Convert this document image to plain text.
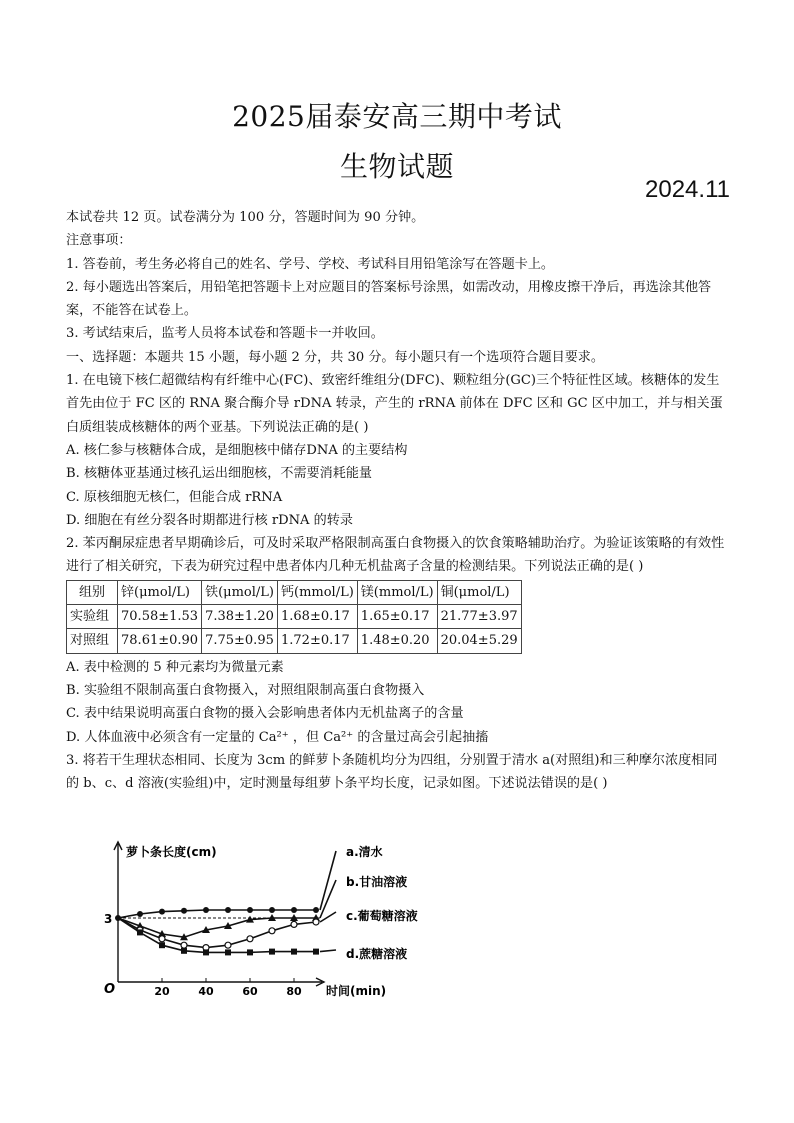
2025届泰安高三期中考试
生物试题
2024.11

本试卷共 12 页。试卷满分为 100 分，答题时间为 90 分钟。

注意事项：

1. 答卷前，考生务必将自己的姓名、学号、学校、考试科目用铅笔涂写在答题卡上。

2. 每小题选出答案后，用铅笔把答题卡上对应题目的答案标号涂黑，如需改动，用橡皮擦干净后，再选涂其他答案，不能答在试卷上。

3. 考试结束后，监考人员将本试卷和答题卡一并收回。

一、选择题：本题共 15 小题，每小题 2 分，共 30 分。每小题只有一个选项符合题目要求。

1. 在电镜下核仁超微结构有纤维中心(FC)、致密纤维组分(DFC)、颗粒组分(GC)三个特征性区域。核糖体的发生首先由位于 FC 区的 RNA 聚合酶介导 rDNA 转录，产生的 rRNA 前体在 DFC 区和 GC 区中加工，并与相关蛋白质组装成核糖体的两个亚基。下列说法正确的是( )

A. 核仁参与核糖体合成，是细胞核中储存DNA 的主要结构

B. 核糖体亚基通过核孔运出细胞核，不需要消耗能量

C. 原核细胞无核仁，但能合成 rRNA

D. 细胞在有丝分裂各时期都进行核 rDNA 的转录

2. 苯丙酮尿症患者早期确诊后，可及时采取严格限制高蛋白食物摄入的饮食策略辅助治疗。为验证该策略的有效性进行了相关研究，下表为研究过程中患者体内几种无机盐离子含量的检测结果。下列说法正确的是( )

组别	锌(μmol/L)	铁(μmol/L)	钙(mmol/L)	镁(mmol/L)	铜(μmol/L)
实验组	70.58±1.53	7.38±1.20	1.68±0.17	1.65±0.17	21.77±3.97
对照组	78.61±0.90	7.75±0.95	1.72±0.17	1.48±0.20	20.04±5.29

A. 表中检测的 5 种元素均为微量元素

B. 实验组不限制高蛋白食物摄入，对照组限制高蛋白食物摄入

C. 表中结果说明高蛋白食物的摄入会影响患者体内无机盐离子的含量

D. 人体血液中必须含有一定量的 Ca²⁺ ，但 Ca²⁺ 的含量过高会引起抽搐

3. 将若干生理状态相同、长度为 3cm 的鲜萝卜条随机均分为四组，分别置于清水 a(对照组)和三种摩尔浓度相同的 b、c、d 溶液(实验组)中，定时测量每组萝卜条平均长度，记录如图。下述说法错误的是( )

萝卜条长度(cm)
时间(min)
O
3
20	40	60	80
a.清水
b.甘油溶液
c.葡萄糖溶液
d.蔗糖溶液
